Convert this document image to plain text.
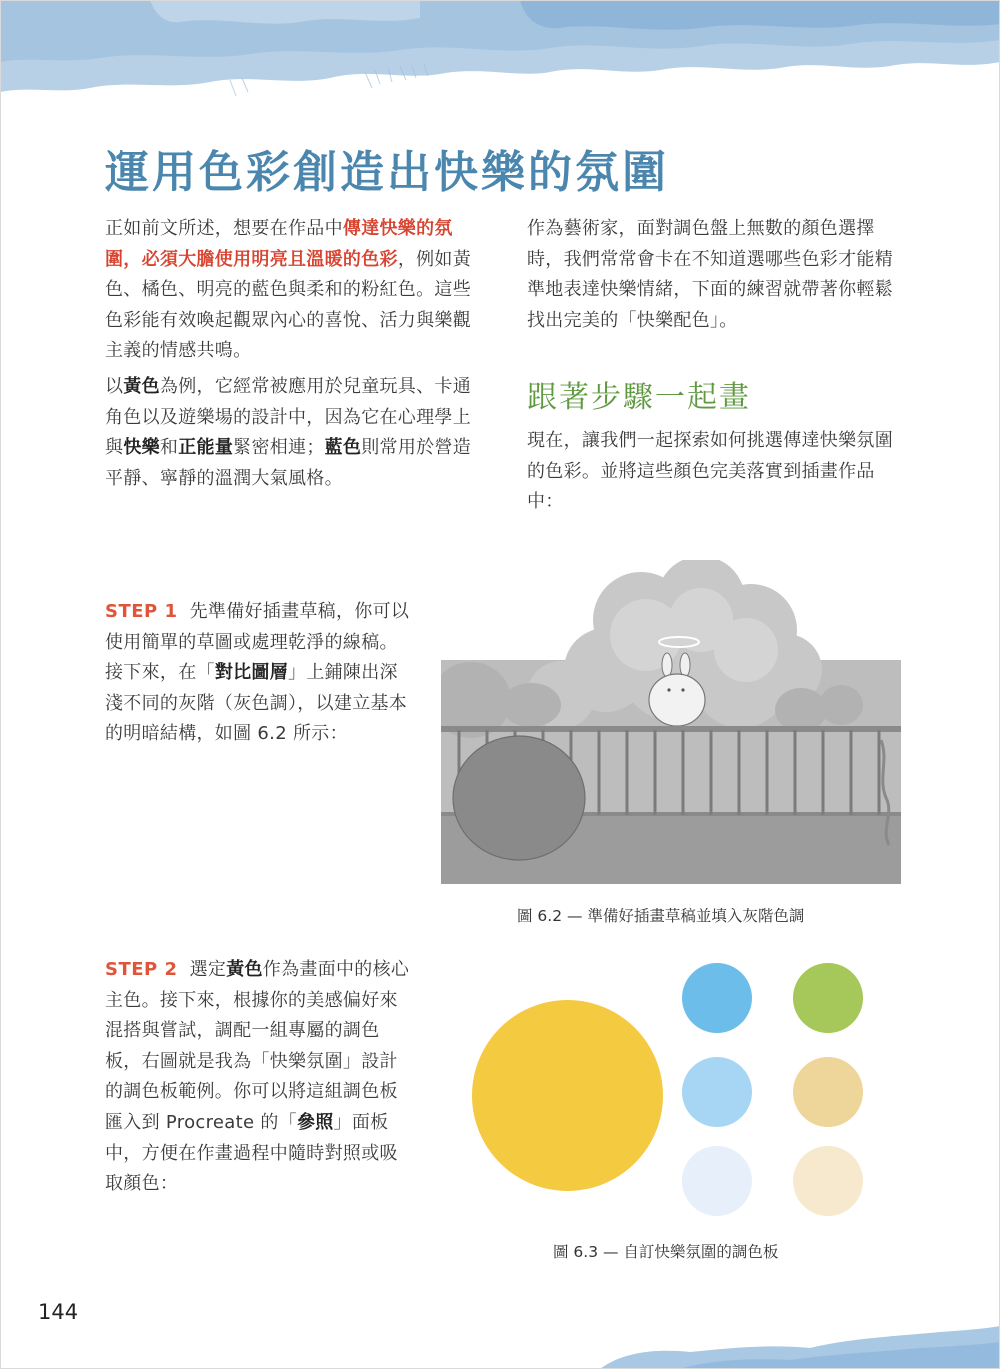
運用色彩創造出快樂的氛圍

正如前文所述，想要在作品中傳達快樂的氛圍，必須大膽使用明亮且溫暖的色彩，例如黃色、橘色、明亮的藍色與柔和的粉紅色。這些色彩能有效喚起觀眾內心的喜悅、活力與樂觀主義的情感共鳴。

以黃色為例，它經常被應用於兒童玩具、卡通角色以及遊樂場的設計中，因為它在心理學上與快樂和正能量緊密相連；藍色則常用於營造平靜、寧靜的溫潤大氣風格。

作為藝術家，面對調色盤上無數的顏色選擇時，我們常常會卡在不知道選哪些色彩才能精準地表達快樂情緒，下面的練習就帶著你輕鬆找出完美的「快樂配色」。

跟著步驟一起畫

現在，讓我們一起探索如何挑選傳達快樂氛圍的色彩。並將這些顏色完美落實到插畫作品中：

STEP 1 先準備好插畫草稿，你可以使用簡單的草圖或處理乾淨的線稿。接下來，在「對比圖層」上鋪陳出深淺不同的灰階（灰色調），以建立基本的明暗結構，如圖 6.2 所示：

圖 6.2 — 準備好插畫草稿並填入灰階色調

STEP 2 選定黃色作為畫面中的核心主色。接下來，根據你的美感偏好來混搭與嘗試，調配一組專屬的調色板，右圖就是我為「快樂氛圍」設計的調色板範例。你可以將這組調色板匯入到 Procreate 的「參照」面板中，方便在作畫過程中隨時對照或吸取顏色：

圖 6.3 — 自訂快樂氛圍的調色板
144
